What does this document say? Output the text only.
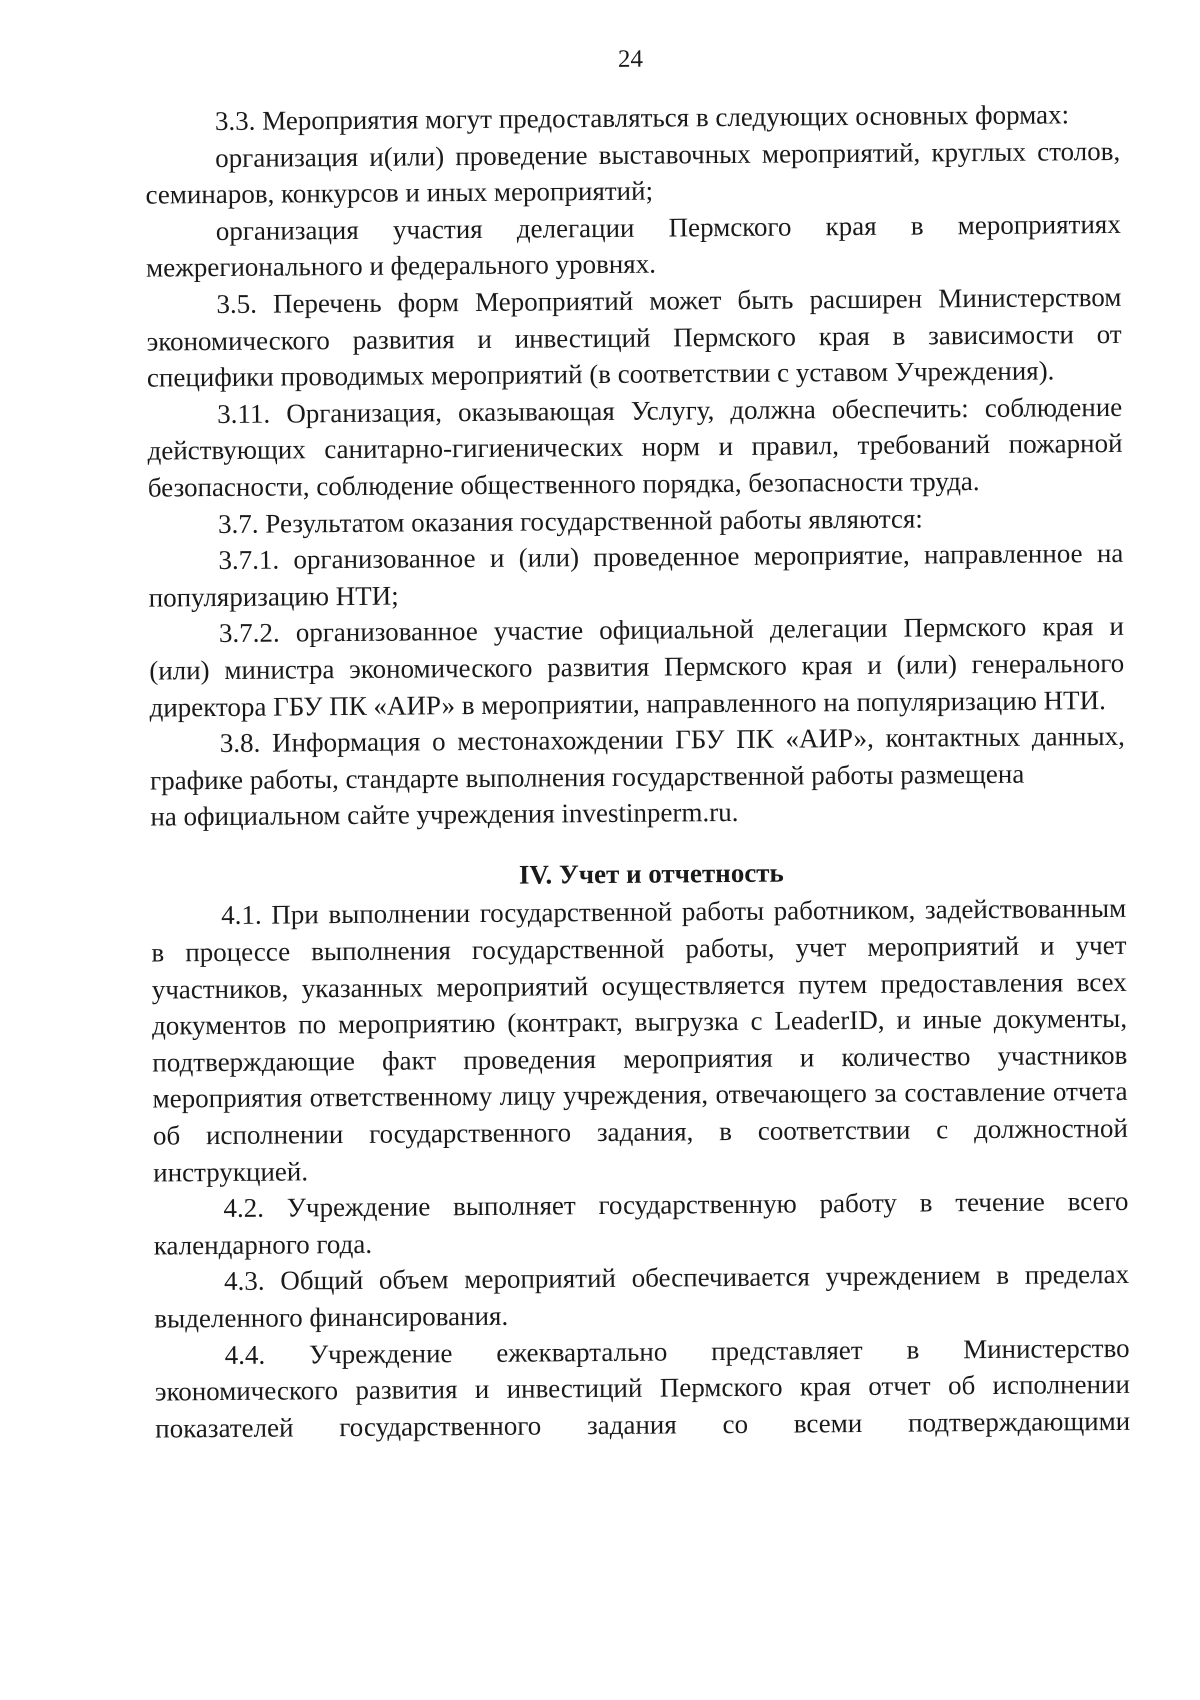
24

3.3. Мероприятия могут предоставляться в следующих основных формах:

организация и(или) проведение выставочных мероприятий, круглых столов, семинаров, конкурсов и иных мероприятий;

организация участия делегации Пермского края в мероприятиях межрегионального и федерального уровнях.

3.5. Перечень форм Мероприятий может быть расширен Министерством экономического развития и инвестиций Пермского края в зависимости от специфики проводимых мероприятий (в соответствии с уставом Учреждения).

3.11. Организация, оказывающая Услугу, должна обеспечить: соблюдение действующих санитарно-гигиенических норм и правил, требований пожарной безопасности, соблюдение общественного порядка, безопасности труда.

3.7. Результатом оказания государственной работы являются:

3.7.1. организованное и (или) проведенное мероприятие, направленное на популяризацию НТИ;

3.7.2. организованное участие официальной делегации Пермского края и (или) министра экономического развития Пермского края и (или) генерального директора ГБУ ПК «АИР» в мероприятии, направленного на популяризацию НТИ.

3.8. Информация о местонахождении ГБУ ПК «АИР», контактных данных, графике работы, стандарте выполнения государственной работы размещена

на официальном сайте учреждения investinperm.ru.

IV. Учет и отчетность

4.1. При выполнении государственной работы работником, задействованным в процессе выполнения государственной работы, учет мероприятий и учет участников, указанных мероприятий осуществляется путем предоставления всех документов по мероприятию (контракт, выгрузка с LeaderID, и иные документы, подтверждающие факт проведения мероприятия и количество участников мероприятия ответственному лицу учреждения, отвечающего за составление отчета об исполнении государственного задания, в соответствии с должностной инструкцией.

4.2. Учреждение выполняет государственную работу в течение всего календарного года.

4.3. Общий объем мероприятий обеспечивается учреждением в пределах выделенного финансирования.

4.4. Учреждение ежеквартально представляет в Министерство экономического развития и инвестиций Пермского края отчет об исполнении показателей государственного задания со всеми подтверждающими
